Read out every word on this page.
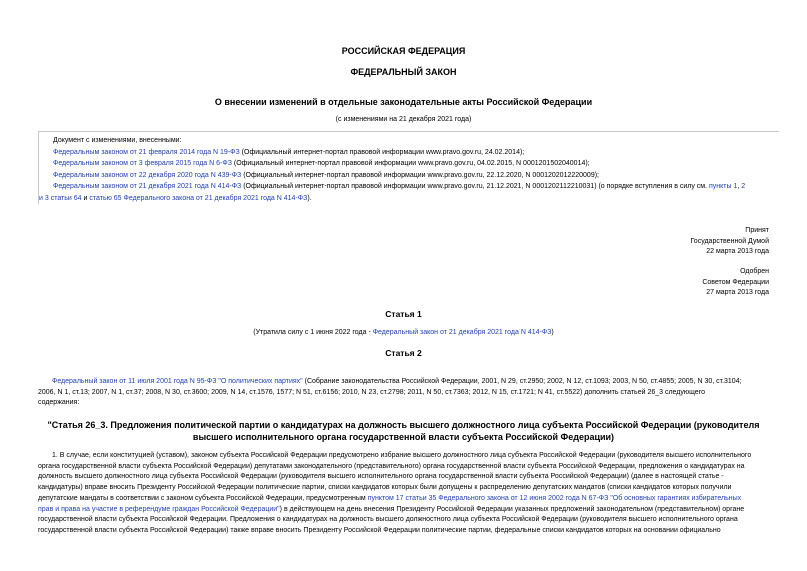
РОССИЙСКАЯ ФЕДЕРАЦИЯ
ФЕДЕРАЛЬНЫЙ ЗАКОН
О внесении изменений в отдельные законодательные акты Российской Федерации
(с изменениями на 21 декабря 2021 года)
Документ с изменениями, внесенными:
Федеральным законом от 21 февраля 2014 года N 19-ФЗ (Официальный интернет-портал правовой информации www.pravo.gov.ru, 24.02.2014);
Федеральным законом от 3 февраля 2015 года N 6-ФЗ (Официальный интернет-портал правовой информации www.pravo.gov.ru, 04.02.2015, N 0001201502040014);
Федеральным законом от 22 декабря 2020 года N 439-ФЗ (Официальный интернет-портал правовой информации www.pravo.gov.ru, 22.12.2020, N 0001202012220009);
Федеральным законом от 21 декабря 2021 года N 414-ФЗ (Официальный интернет-портал правовой информации www.pravo.gov.ru, 21.12.2021, N 0001202112210031) (о порядке вступления в силу см. пункты 1, 2
и 3 статьи 64 и статью 65 Федерального закона от 21 декабря 2021 года N 414-ФЗ).
Принят
Государственной Думой
22 марта 2013 года
Одобрен
Советом Федерации
27 марта 2013 года
Статья 1
(Утратила силу с 1 июня 2022 года - Федеральный закон от 21 декабря 2021 года N 414-ФЗ)
Статья 2
Федеральный закон от 11 июля 2001 года N 95-ФЗ "О политических партиях" (Собрание законодательства Российской Федерации, 2001, N 29, ст.2950; 2002, N 12, ст.1093; 2003, N 50, ст.4855; 2005, N 30, ст.3104;
2006, N 1, ст.13; 2007, N 1, ст.37; 2008, N 30, ст.3600; 2009, N 14, ст.1576, 1577; N 51, ст.6156; 2010, N 23, ст.2798; 2011, N 50, ст.7363; 2012, N 15, ст.1721; N 41, ст.5522) дополнить статьей 26_3 следующего
содержания:
"Статья 26_3. Предложения политической партии о кандидатурах на должность высшего должностного лица субъекта Российской Федерации (руководителя
высшего исполнительного органа государственной власти субъекта Российской Федерации)
1. В случае, если конституцией (уставом), законом субъекта Российской Федерации предусмотрено избрание высшего должностного лица субъекта Российской Федерации (руководителя высшего исполнительного
органа государственной власти субъекта Российской Федерации) депутатами законодательного (представительного) органа государственной власти субъекта Российской Федерации, предложения о кандидатурах на
должность высшего должностного лица субъекта Российской Федерации (руководителя высшего исполнительного органа государственной власти субъекта Российской Федерации) (далее в настоящей статье -
кандидатуры) вправе вносить Президенту Российской Федерации политические партии, списки кандидатов которых были допущены к распределению депутатских мандатов (списки кандидатов которых получили
депутатские мандаты в соответствии с законом субъекта Российской Федерации, предусмотренным пунктом 17 статьи 35 Федерального закона от 12 июня 2002 года N 67-ФЗ "Об основных гарантиях избирательных
прав и права на участие в референдуме граждан Российской Федерации") в действующем на день внесения Президенту Российской Федерации указанных предложений законодательном (представительном) органе
государственной власти субъекта Российской Федерации. Предложения о кандидатурах на должность высшего должностного лица субъекта Российской Федерации (руководителя высшего исполнительного органа
государственной власти субъекта Российской Федерации) также вправе вносить Президенту Российской Федерации политические партии, федеральные списки кандидатов которых на основании официально
